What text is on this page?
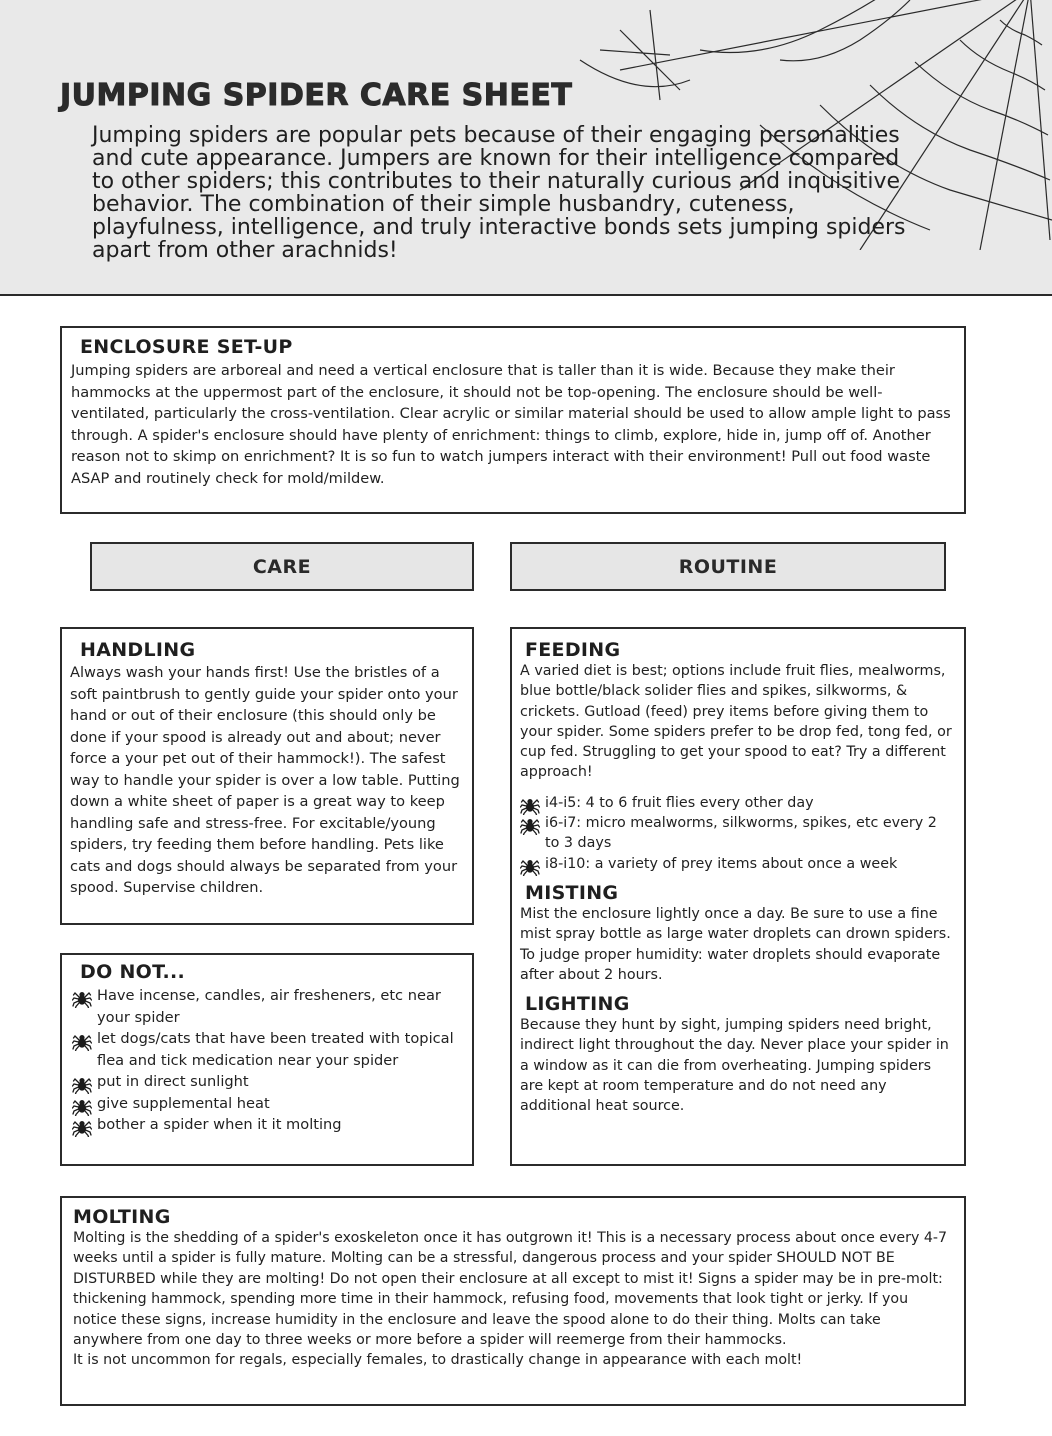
JUMPING SPIDER CARE SHEET
Jumping spiders are popular pets because of their engaging personalities and cute appearance. Jumpers are known for their intelligence compared to other spiders; this contributes to their naturally curious and inquisitive behavior. The combination of their simple husbandry, cuteness, playfulness, intelligence, and truly interactive bonds sets jumping spiders apart from other arachnids!
ENCLOSURE SET-UP

Jumping spiders are arboreal and need a vertical enclosure that is taller than it is wide. Because they make their hammocks at the uppermost part of the enclosure, it should not be top-opening. The enclosure should be well-ventilated, particularly the cross-ventilation. Clear acrylic or similar material should be used to allow ample light to pass through. A spider's enclosure should have plenty of enrichment: things to climb, explore, hide in, jump off of. Another reason not to skimp on enrichment? It is so fun to watch jumpers interact with their environment! Pull out food waste ASAP and routinely check for mold/mildew.

CARE	ROUTINE
HANDLING

Always wash your hands first! Use the bristles of a soft paintbrush to gently guide your spider onto your hand or out of their enclosure (this should only be done if your spood is already out and about; never force a your pet out of their hammock!). The safest way to handle your spider is over a low table. Putting down a white sheet of paper is a great way to keep handling safe and stress-free. For excitable/young spiders, try feeding them before handling. Pets like cats and dogs should always be separated from your spood. Supervise children.

DO NOT...
Have incense, candles, air fresheners, etc near your spider
let dogs/cats that have been treated with topical flea and tick medication near your spider
put in direct sunlight
give supplemental heat
bother a spider when it it molting
FEEDING

A varied diet is best; options include fruit flies, mealworms, blue bottle/black solider flies and spikes, silkworms, & crickets. Gutload (feed) prey items before giving them to your spider. Some spiders prefer to be drop fed, tong fed, or cup fed. Struggling to get your spood to eat? Try a different approach!

i4-i5: 4 to 6 fruit flies every other day
i6-i7: micro mealworms, silkworms, spikes, etc every 2 to 3 days
i8-i10: a variety of prey items about once a week
MISTING

Mist the enclosure lightly once a day. Be sure to use a fine mist spray bottle as large water droplets can drown spiders. To judge proper humidity: water droplets should evaporate after about 2 hours.

LIGHTING

Because they hunt by sight, jumping spiders need bright, indirect light throughout the day. Never place your spider in a window as it can die from overheating. Jumping spiders are kept at room temperature and do not need any additional heat source.

MOLTING

Molting is the shedding of a spider's exoskeleton once it has outgrown it! This is a necessary process about once every 4-7 weeks until a spider is fully mature. Molting can be a stressful, dangerous process and your spider SHOULD NOT BE DISTURBED while they are molting! Do not open their enclosure at all except to mist it! Signs a spider may be in pre-molt: thickening hammock, spending more time in their hammock, refusing food, movements that look tight or jerky. If you notice these signs, increase humidity in the enclosure and leave the spood alone to do their thing. Molts can take anywhere from one day to three weeks or more before a spider will reemerge from their hammocks.

It is not uncommon for regals, especially females, to drastically change in appearance with each molt!
